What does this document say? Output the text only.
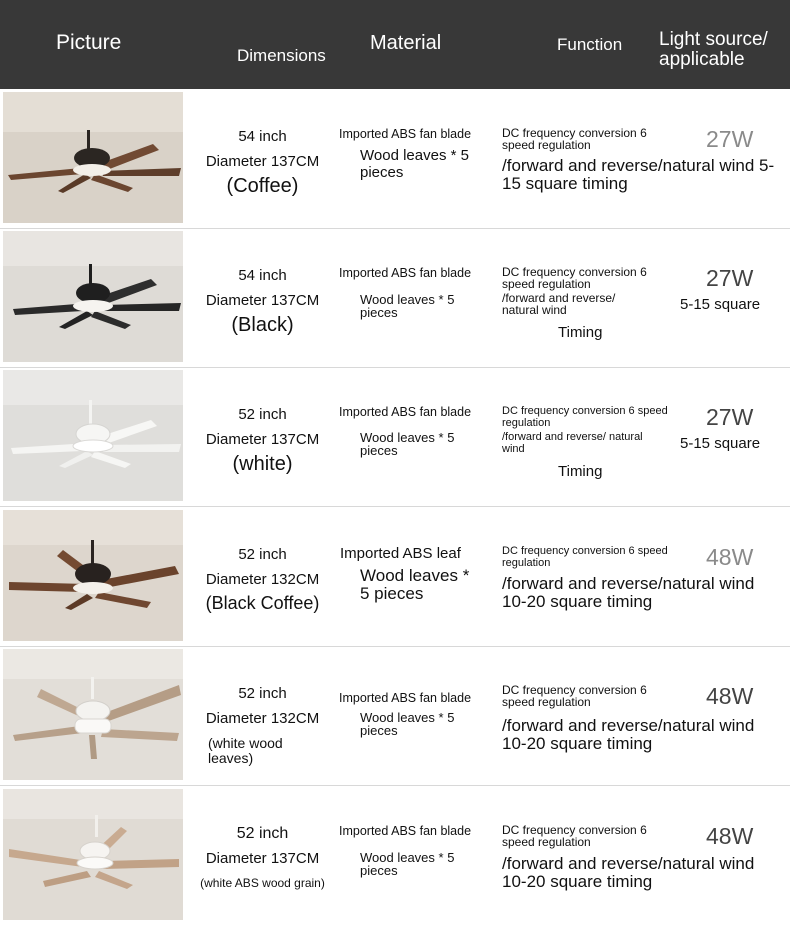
Picture
Dimensions
Material	Function Light source/ applicable
54 inch
Diameter 137CM
(Coffee)
Imported ABS fan blade
Wood leaves * 5 pieces
DC frequency conversion 6 speed regulation
/forward and reverse/natural wind 5-15 square timing
27W
54 inch
Diameter 137CM
(Black)
Imported ABS fan blade
Wood leaves * 5 pieces
DC frequency conversion 6 speed regulation
/forward and reverse/ natural wind
Timing
27W
5-15 square
52 inch
Diameter 137CM
(white)
Imported ABS fan blade
Wood leaves * 5 pieces
DC frequency conversion 6 speed regulation
/forward and reverse/ natural wind
Timing
27W
5-15 square
52 inch
Diameter 132CM
(Black Coffee)
Imported ABS leaf
Wood leaves * 5 pieces
DC frequency conversion 6 speed regulation
/forward and reverse/natural wind 10-20 square timing
48W
52 inch
Diameter 132CM
(white wood leaves)
Imported ABS fan blade
Wood leaves * 5 pieces
DC frequency conversion 6 speed regulation
/forward and reverse/natural wind 10-20 square timing
48W
52 inch
Diameter 137CM
(white ABS wood grain)
Imported ABS fan blade
Wood leaves * 5 pieces
DC frequency conversion 6 speed regulation
/forward and reverse/natural wind 10-20 square timing
48W
